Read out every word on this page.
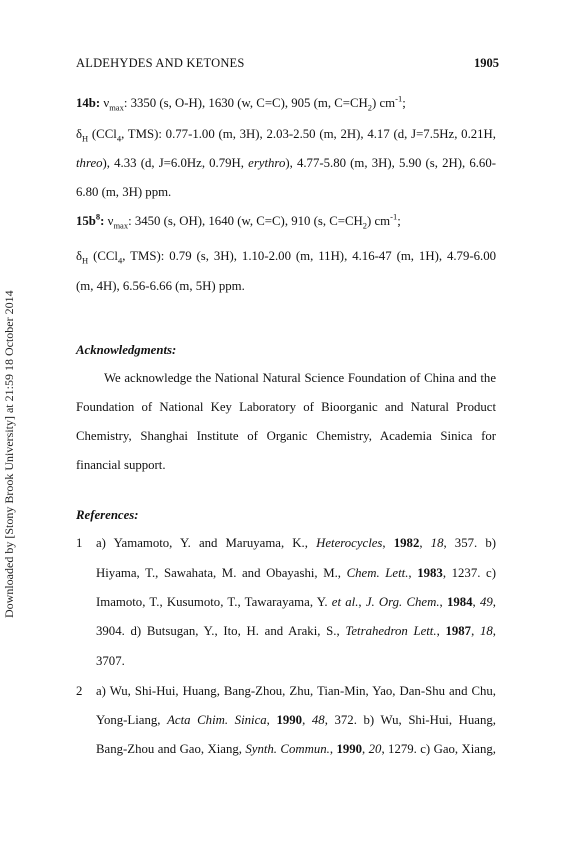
ALDEHYDES AND KETONES	1905
Downloaded by [Stony Brook University] at 21:59 18 October 2014
14b: $\nu_{max}$: 3350 (s, O-H), 1630 (w, C=C), 905 (m, $C=CH_2$) $cm^{-1}$;
$\delta_H$ (CCl$_4$, TMS): 0.77-1.00 (m, 3H), 2.03-2.50 (m, 2H), 4.17 (d, J=7.5Hz, 0.21H,
threo), 4.33 (d, J=6.0Hz, 0.79H, erythro), 4.77-5.80 (m, 3H), 5.90 (s, 2H), 6.60-
6.80 (m, 3H) ppm.
$15b^8$: $\nu_{max}$: 3450 (s, OH), 1640 (w, C=C), 910 (s, $C=CH_2$) $cm^{-1}$;
$\delta_H$ (CCl$_4$, TMS): 0.79 (s, 3H), 1.10-2.00 (m, 11H), 4.16-47 (m, 1H), 4.79-6.00
(m, 4H), 6.56-6.66 (m, 5H) ppm.
Acknowledgments:
We acknowledge the National Natural Science Foundation of China and the
Foundation of National Key Laboratory of Bioorganic and Natural Product
Chemistry, Shanghai Institute of Organic Chemistry, Academia Sinica for
financial support.
References:
1 a) Yamamoto, Y. and Maruyama, K., Heterocycles, 1982, 18, 357. b)
Hiyama, T., Sawahata, M. and Obayashi, M., Chem. Lett., 1983, 1237. c)
Imamoto, T., Kusumoto, T., Tawarayama, Y. et al., J. Org. Chem., 1984, 49,
3904. d) Butsugan, Y., Ito, H. and Araki, S., Tetrahedron Lett., 1987, 18,
3707.
2 a) Wu, Shi-Hui, Huang, Bang-Zhou, Zhu, Tian-Min, Yao, Dan-Shu and Chu,
Yong-Liang, Acta Chim. Sinica, 1990, 48, 372. b) Wu, Shi-Hui, Huang,
Bang-Zhou and Gao, Xiang, Synth. Commun., 1990, 20, 1279. c) Gao, Xiang,
